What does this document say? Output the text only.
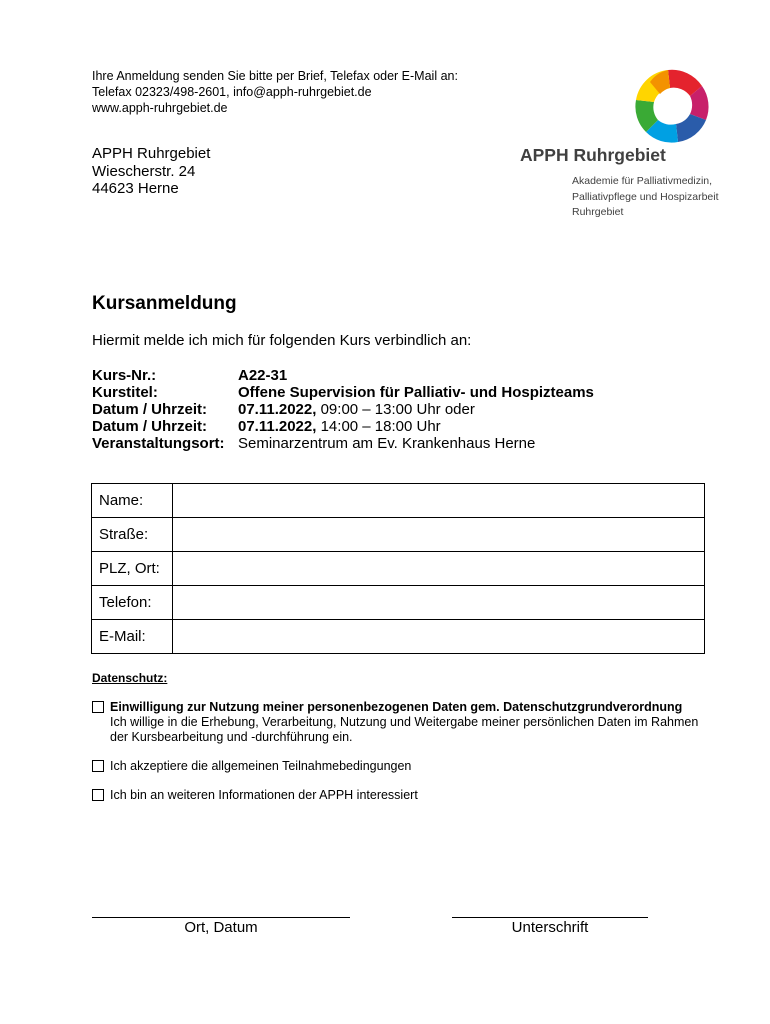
Ihre Anmeldung senden Sie bitte per Brief, Telefax oder E-Mail an:
Telefax 02323/498-2601, info@apph-ruhrgebiet.de
www.apph-ruhrgebiet.de
APPH Ruhrgebiet
Wiescherstr. 24
44623 Herne
APPH Ruhrgebiet
Akademie für Palliativmedizin,
Palliativpflege und Hospizarbeit
Ruhrgebiet
Kursanmeldung
Hiermit melde ich mich für folgenden Kurs verbindlich an:
Kurs-Nr.:	A22-31
Kurstitel:	Offene Supervision für Palliativ- und Hospizteams
Datum / Uhrzeit:	07.11.2022, 09:00 – 13:00 Uhr oder
Datum / Uhrzeit:	07.11.2022, 14:00 – 18:00 Uhr
Veranstaltungsort: Seminarzentrum am Ev. Krankenhaus Herne
Name:	
Straße:	
PLZ, Ort:	
Telefon:	
E-Mail:	
Datenschutz:
Einwilligung zur Nutzung meiner personenbezogenen Daten gem. Datenschutzgrundverordnung
Ich willige in die Erhebung, Verarbeitung, Nutzung und Weitergabe meiner persönlichen Daten im Rahmen
der Kursbearbeitung und -durchführung ein.
Ich akzeptiere die allgemeinen Teilnahmebedingungen
Ich bin an weiteren Informationen der APPH interessiert
Ort, Datum	Unterschrift
